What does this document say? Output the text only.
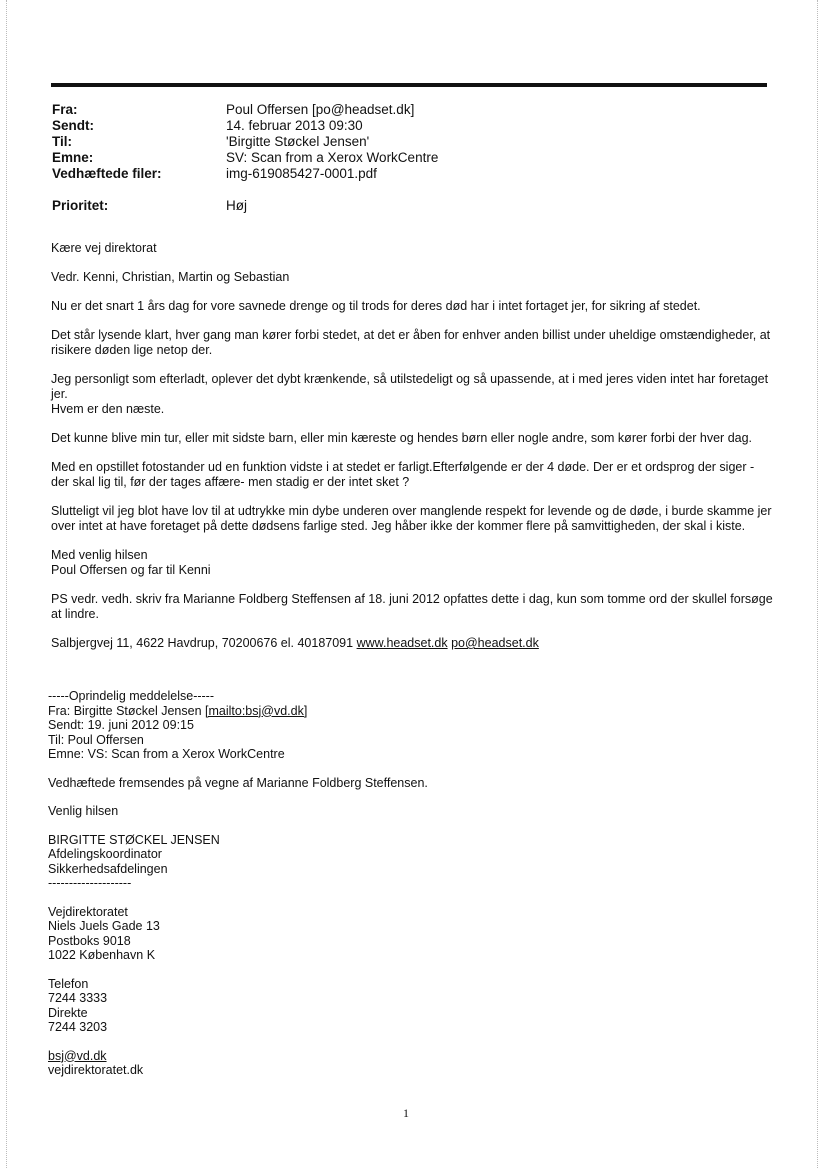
Fra:	Poul Offersen [po@headset.dk]
Sendt:	14. februar 2013 09:30
Til:	'Birgitte Støckel Jensen'
Emne:	SV: Scan from a Xerox WorkCentre
Vedhæftede filer:	img-619085427-0001.pdf
Prioritet:	Høj

Kære vej direktorat

Vedr. Kenni, Christian, Martin og Sebastian

Nu er det snart 1 års dag for vore savnede drenge og til trods for deres død har i intet fortaget jer, for sikring af stedet.

Det står lysende klart, hver gang man kører forbi stedet, at det er åben for enhver anden billist under uheldige omstændigheder, at risikere døden lige netop der.

Jeg personligt som efterladt, oplever det dybt krænkende, så utilstedeligt og så upassende, at i med jeres viden intet har foretaget jer.
Hvem er den næste.

Det kunne blive min tur, eller mit sidste barn, eller min kæreste og hendes børn eller nogle andre, som kører forbi der hver dag.

Med en opstillet fotostander ud en funktion vidste i at stedet er farligt.Efterfølgende er der 4 døde. Der er et ordsprog der siger - der skal lig til, før der tages affære- men stadig er der intet sket ?

Slutteligt vil jeg blot have lov til at udtrykke min dybe underen over manglende respekt for levende og de døde, i burde skamme jer over intet at have foretaget på dette dødsens farlige sted. Jeg håber ikke der kommer flere på samvittigheden, der skal i kiste.

Med venlig hilsen
Poul Offersen og far til Kenni

PS vedr. vedh. skriv fra Marianne Foldberg Steffensen af 18. juni 2012 opfattes dette i dag, kun som tomme ord der skullel forsøge at lindre.

Salbjergvej 11, 4622 Havdrup, 70200676 el. 40187091 www.headset.dk po@headset.dk

-----Oprindelig meddelelse-----
Fra: Birgitte Støckel Jensen [mailto:bsj@vd.dk]
Sendt: 19. juni 2012 09:15
Til: Poul Offersen
Emne: VS: Scan from a Xerox WorkCentre

Vedhæftede fremsendes på vegne af Marianne Foldberg Steffensen.

Venlig hilsen

BIRGITTE STØCKEL JENSEN
Afdelingskoordinator
Sikkerhedsafdelingen
--------------------

Vejdirektoratet
Niels Juels Gade 13
Postboks 9018
1022 København K

Telefon
7244 3333
Direkte
7244 3203

bsj@vd.dk
vejdirektoratet.dk

1
